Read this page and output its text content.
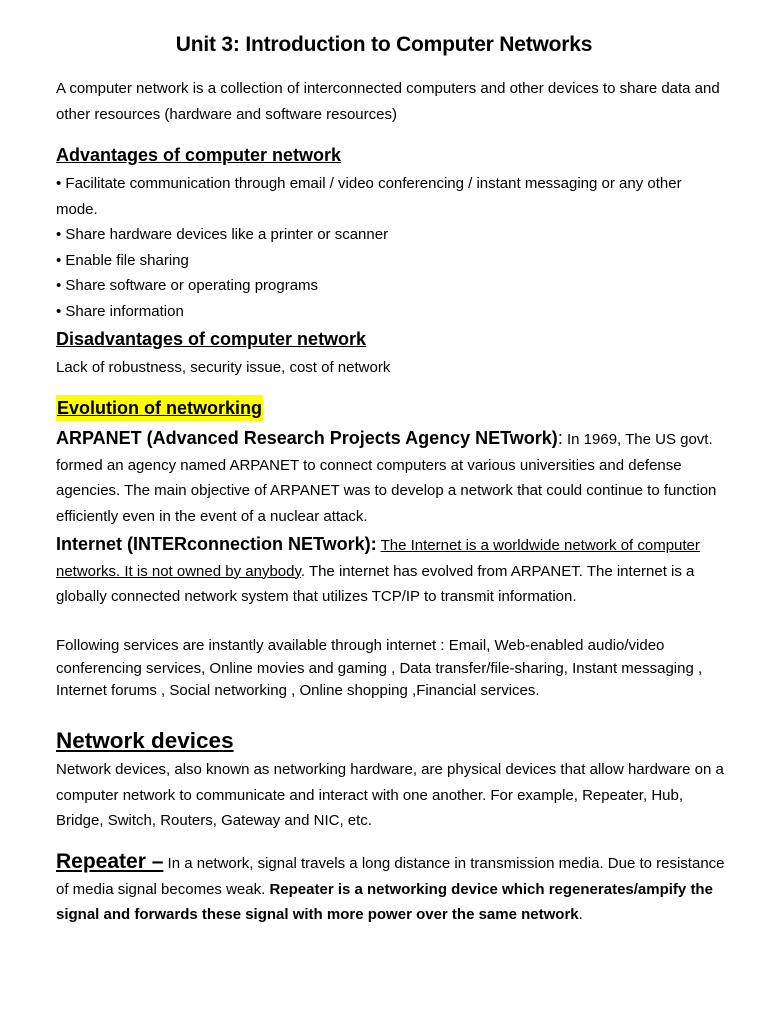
Unit 3: Introduction to Computer Networks
A computer network is a collection of interconnected computers and other devices to share data and other resources (hardware and software resources)
Advantages of computer network
• Facilitate communication through email / video conferencing / instant messaging or any other mode.
• Share hardware devices like a printer or scanner
• Enable file sharing
• Share software or operating programs
• Share information
Disadvantages of computer network
Lack of robustness, security issue, cost of network
Evolution of networking
ARPANET (Advanced Research Projects Agency NETwork): In 1969, The US govt. formed an agency named ARPANET to connect computers at various universities and defense agencies. The main objective of ARPANET was to develop a network that could continue to function efficiently even in the event of a nuclear attack.
Internet (INTERconnection NETwork): The Internet is a worldwide network of computer networks. It is not owned by anybody. The internet has evolved from ARPANET. The internet is a globally connected network system that utilizes TCP/IP to transmit information.
Following services are instantly available through internet : Email, Web-enabled audio/video conferencing services, Online movies and gaming , Data transfer/file-sharing, Instant messaging , Internet forums , Social networking , Online shopping ,Financial services.
Network devices
Network devices, also known as networking hardware, are physical devices that allow hardware on a computer network to communicate and interact with one another. For example, Repeater, Hub, Bridge, Switch, Routers, Gateway and NIC, etc.
Repeater – In a network, signal travels a long distance in transmission media. Due to resistance of media signal becomes weak. Repeater is a networking device which regenerates/ampify the signal and forwards these signal with more power over the same network.
